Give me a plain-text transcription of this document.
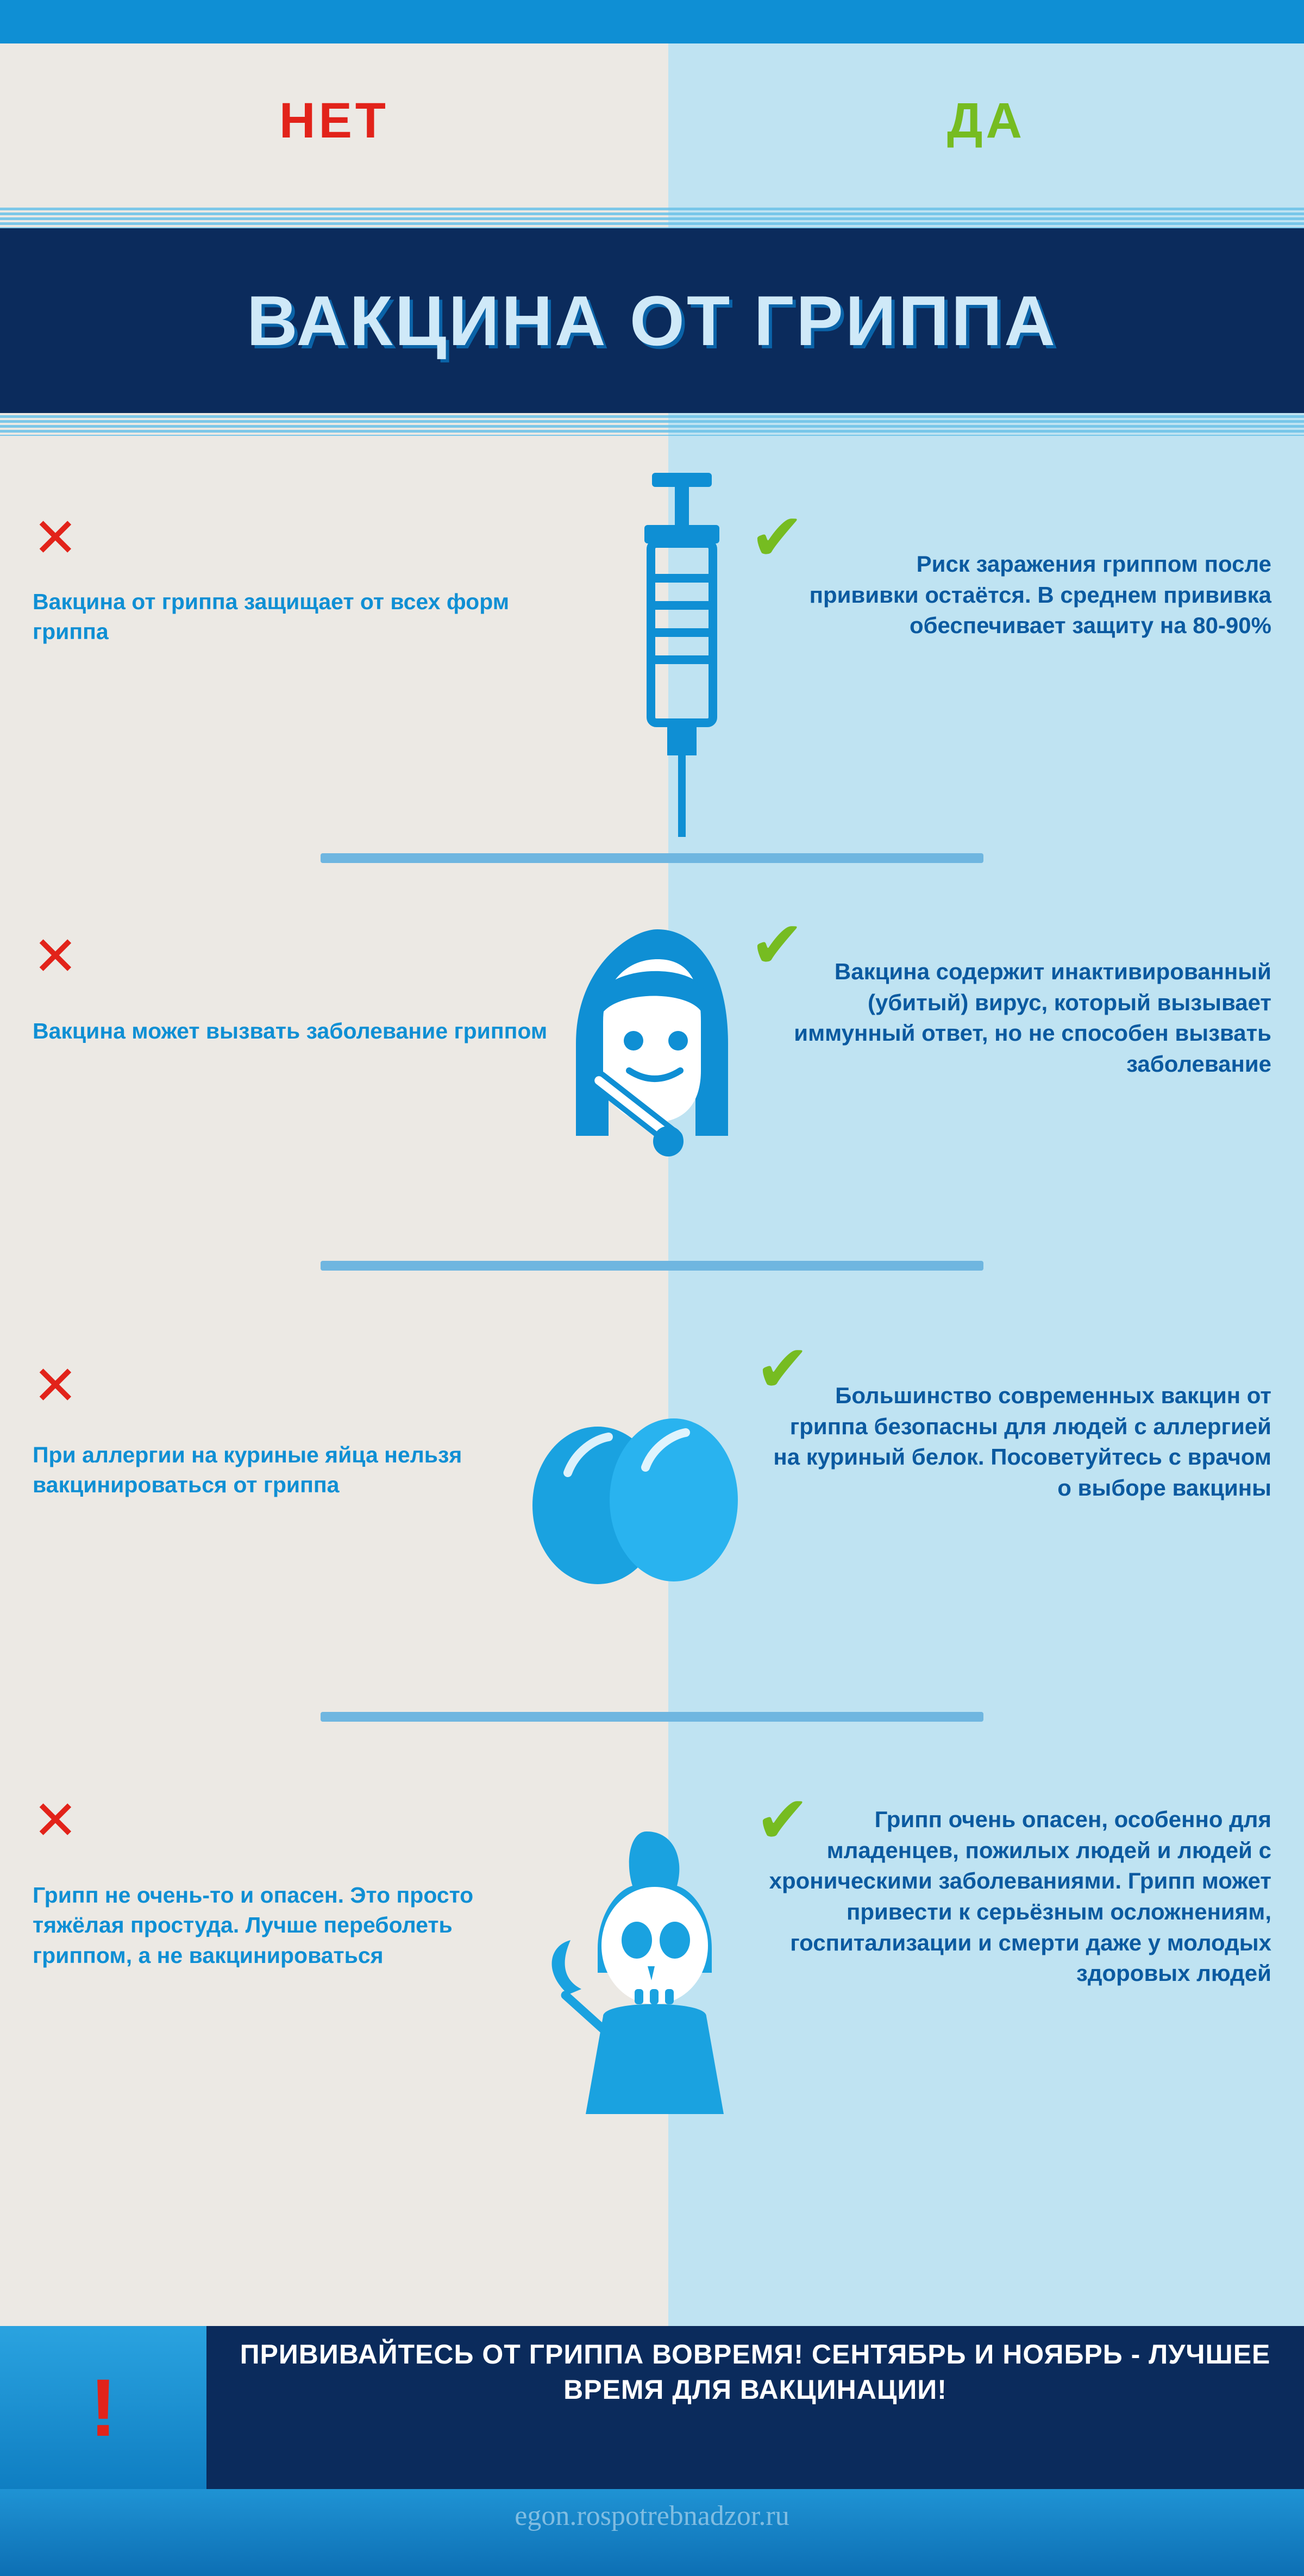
НЕТ	ДА
ВАКЦИНА ОТ ГРИППА
✕
Вакцина от гриппа защищает от всех форм гриппа
✔	Риск заражения гриппом после прививки остаётся. В среднем прививка обеспечивает защиту на 80-90%
✕
Вакцина может вызвать заболевание гриппом
✔	Вакцина содержит инактивированный (убитый) вирус, который вызывает иммунный ответ, но не способен вызвать заболевание
✕
При аллергии на куриные яйца нельзя вакцинироваться от гриппа
✔	Большинство современных вакцин от гриппа безопасны для людей с аллергией на куриный белок. Посоветуйтесь с врачом о выборе вакцины
✕
Грипп не очень-то и опасен. Это просто тяжёлая простуда. Лучше переболеть гриппом, а не вакцинироваться
✔	Грипп очень опасен, особенно для младенцев, пожилых людей и людей с хроническими заболеваниями. Грипп может привести к серьёзным осложнениям, госпитализации и смерти даже у молодых здоровых людей
!
ПРИВИВАЙТЕСЬ ОТ ГРИППА ВОВРЕМЯ! СЕНТЯБРЬ И НОЯБРЬ - ЛУЧШЕЕ ВРЕМЯ ДЛЯ ВАКЦИНАЦИИ!
egon.rospotrebnadzor.ru
